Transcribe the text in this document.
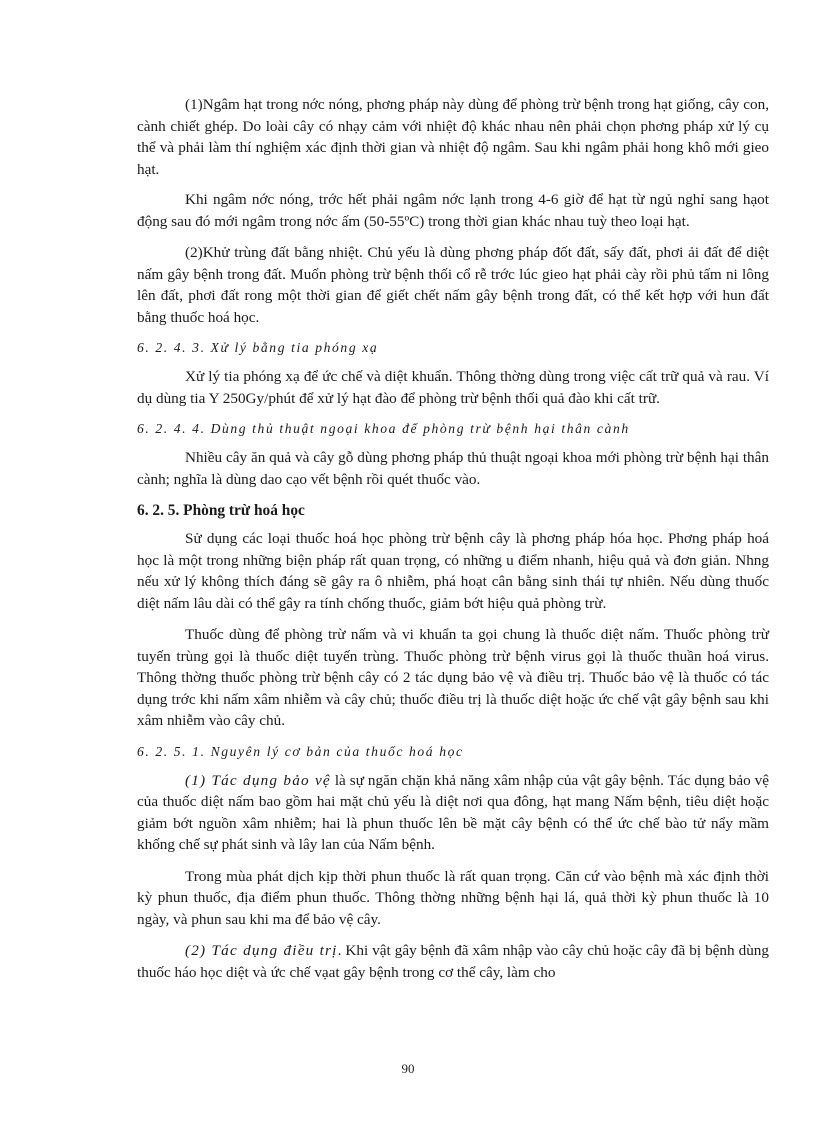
(1)Ngâm hạt trong nớc nóng, phơng pháp này dùng để phòng trừ bệnh trong hạt giống, cây con, cành chiết ghép. Do loài cây có nhạy cảm với nhiệt độ khác nhau nên phải chọn phơng pháp xử lý cụ thể và phải làm thí nghiệm xác định thời gian và nhiệt độ ngâm. Sau khi ngâm phải hong khô mới gieo hạt.

Khi ngâm nớc nóng, trớc hết phải ngâm nớc lạnh trong 4-6 giờ để hạt từ ngủ nghỉ sang hạot động sau đó mới ngâm trong nớc ấm (50-55ºC) trong thời gian khác nhau tuỳ theo loại hạt.

(2)Khử trùng đất bằng nhiệt. Chủ yếu là dùng phơng pháp đốt đất, sấy đất, phơi ải đất để diệt nấm gây bệnh trong đất. Muốn phòng trừ bệnh thối cổ rễ trớc lúc gieo hạt phải cày rồi phủ tấm ni lông lên đất, phơi đất rong một thời gian để giết chết nấm gây bệnh trong đất, có thể kết hợp với hun đất bằng thuốc hoá học.

6. 2. 4. 3. Xử lý bằng tia phóng xạ

Xử lý tia phóng xạ để ức chế và diệt khuẩn. Thông thờng dùng trong việc cất trữ quả và rau. Ví dụ dùng tia Y 250Gy/phút để xử lý hạt đào để phòng trừ bệnh thối quả đào khi cất trữ.

6. 2. 4. 4. Dùng thủ thuật ngoại khoa để phòng trừ bệnh hại thân cành

Nhiều cây ăn quả và cây gỗ dùng phơng pháp thủ thuật ngoại khoa mới phòng trừ bệnh hại thân cành; nghĩa là dùng dao cạo vết bệnh rồi quét thuốc vào.

6. 2. 5. Phòng trừ hoá học

Sử dụng các loại thuốc hoá học phòng trừ bệnh cây là phơng pháp hóa học. Phơng pháp hoá học là một trong những biện pháp rất quan trọng, có những u điểm nhanh, hiệu quả và đơn giản. Nhng nếu xử lý không thích đáng sẽ gây ra ô nhiễm, phá hoạt cân bằng sinh thái tự nhiên. Nếu dùng thuốc diệt nấm lâu dài có thể gây ra tính chống thuốc, giảm bớt hiệu quả phòng trừ.

Thuốc dùng để phòng trừ nấm và vi khuẩn ta gọi chung là thuốc diệt nấm. Thuốc phòng trừ tuyến trùng gọi là thuốc diệt tuyến trùng. Thuốc phòng trừ bệnh virus gọi là thuốc thuần hoá virus. Thông thờng thuốc phòng trừ bệnh cây có 2 tác dụng bảo vệ và điều trị. Thuốc bảo vệ là thuốc có tác dụng trớc khi nấm xâm nhiễm và cây chủ; thuốc điều trị là thuốc diệt hoặc ức chế vật gây bệnh sau khi xâm nhiễm vào cây chủ.

6. 2. 5. 1. Nguyên lý cơ bản của thuốc hoá học

(1) Tác dụng bảo vệ là sự ngăn chặn khả năng xâm nhập của vật gây bệnh. Tác dụng bảo vệ của thuốc diệt nấm bao gồm hai mặt chủ yếu là diệt nơi qua đông, hạt mang Nấm bệnh, tiêu diệt hoặc giảm bớt nguồn xâm nhiễm; hai là phun thuốc lên bề mặt cây bệnh có thể ức chế bào tử nẩy mầm khống chế sự phát sinh và lây lan của Nấm bệnh.

Trong mùa phát dịch kịp thời phun thuốc là rất quan trọng. Căn cứ vào bệnh mà xác định thời kỳ phun thuốc, địa điểm phun thuốc. Thông thờng những bệnh hại lá, quả thời kỳ phun thuốc là 10 ngày, và phun sau khi ma để bảo vệ cây.

(2) Tác dụng điều trị. Khi vật gây bệnh đã xâm nhập vào cây chủ hoặc cây đã bị bệnh dùng thuốc háo học diệt và ức chế vạat gây bệnh trong cơ thể cây, làm cho

90
